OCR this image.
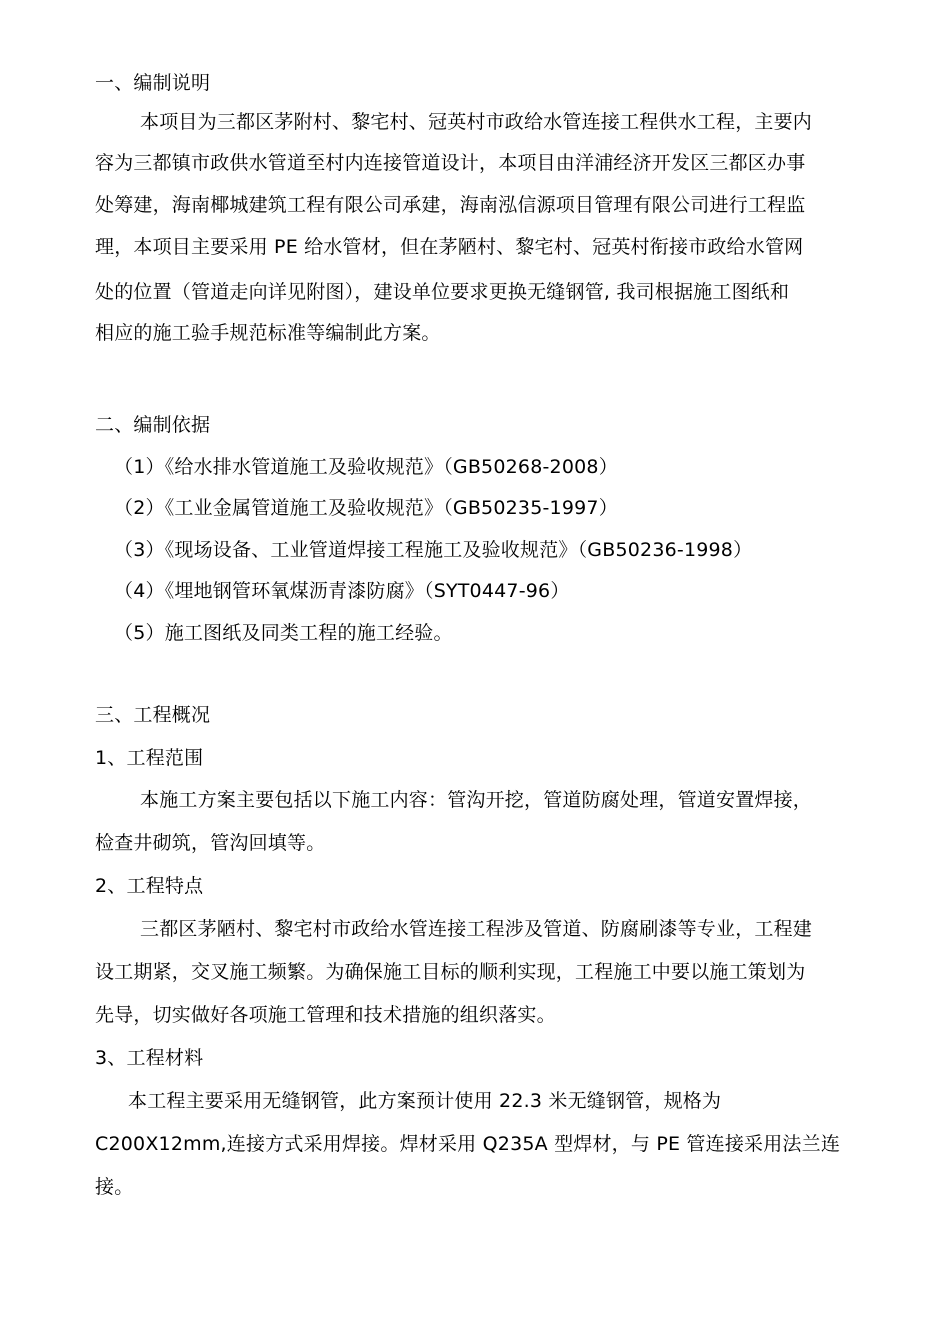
一、编制说明
本项目为三都区茅附村、黎宅村、冠英村市政给水管连接工程供水工程，主要内
容为三都镇市政供水管道至村内连接管道设计，本项目由洋浦经济开发区三都区办事
处筹建，海南椰城建筑工程有限公司承建，海南泓信源项目管理有限公司进行工程监
理，本项目主要采用 PE 给水管材，但在茅陋村、黎宅村、冠英村衔接市政给水管网
处的位置（管道走向详见附图），建设单位要求更换无缝钢管, 我司根据施工图纸和
相应的施工验手规范标准等编制此方案。
二、编制依据
（1）《给水排水管道施工及验收规范》（GB50268-2008）
（2）《工业金属管道施工及验收规范》（GB50235-1997）
（3）《现场设备、工业管道焊接工程施工及验收规范》（GB50236-1998）
（4）《埋地钢管环氧煤沥青漆防腐》（SYT0447-96）
（5）施工图纸及同类工程的施工经验。
三、工程概况
1、工程范围
本施工方案主要包括以下施工内容：管沟开挖，管道防腐处理，管道安置焊接，
检查井砌筑，管沟回填等。
2、工程特点
三都区茅陋村、黎宅村市政给水管连接工程涉及管道、防腐刷漆等专业，工程建
设工期紧，交叉施工频繁。为确保施工目标的顺利实现，工程施工中要以施工策划为
先导，切实做好各项施工管理和技术措施的组织落实。
3、工程材料
本工程主要采用无缝钢管，此方案预计使用 22.3 米无缝钢管，规格为
C200X12mm,连接方式采用焊接。焊材采用 Q235A 型焊材，与 PE 管连接采用法兰连
接。
